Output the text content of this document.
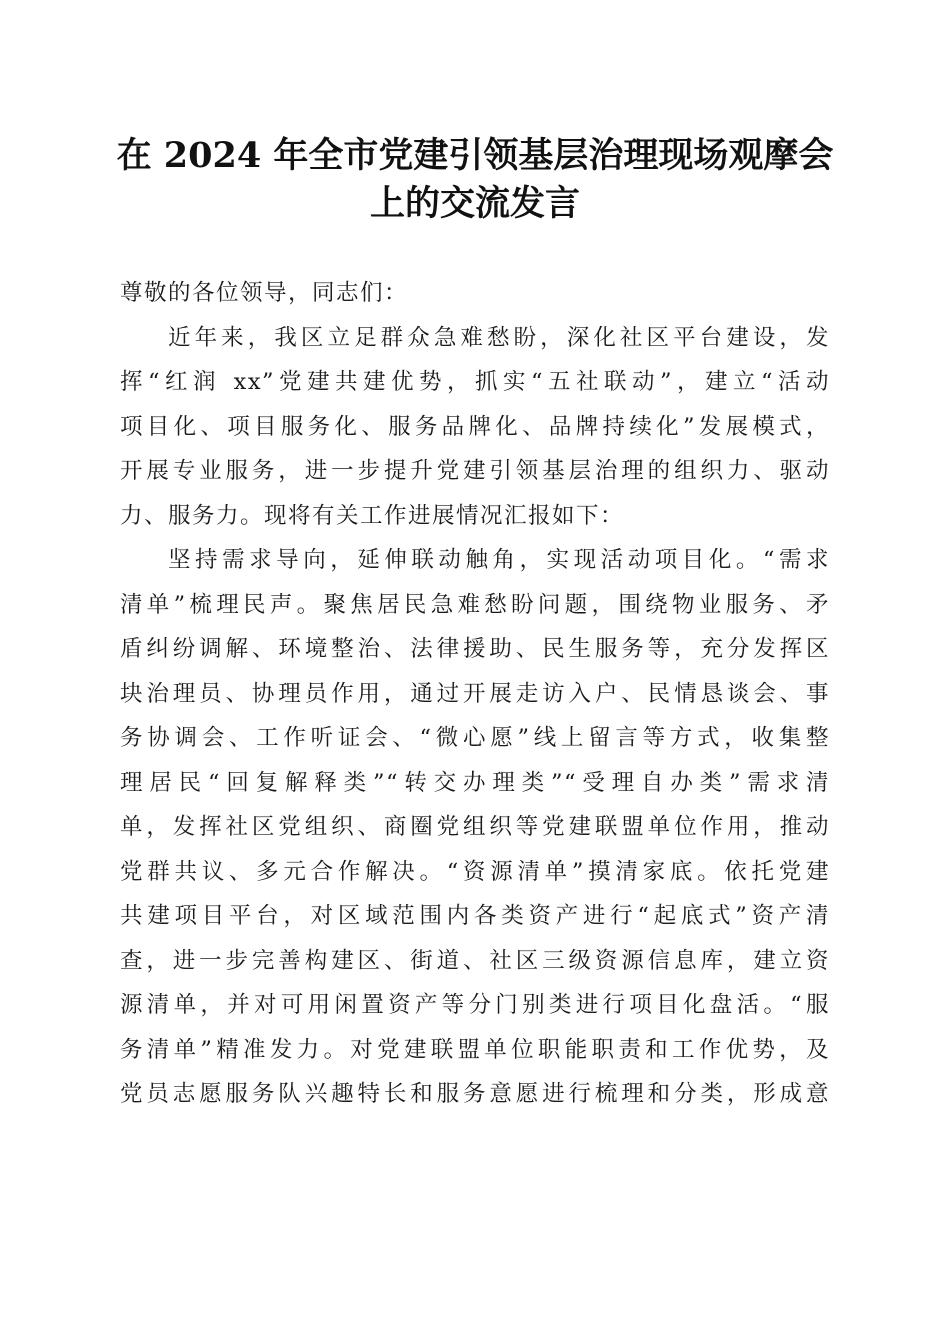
在 2024 年全市党建引领基层治理现场观摩会
上的交流发言
尊敬的各位领导，同志们：
近年来，我区立足群众急难愁盼，深化社区平台建设，发
挥“红润 xx”党建共建优势，抓实“五社联动”，建立“活动
项目化、项目服务化、服务品牌化、品牌持续化”发展模式，
开展专业服务，进一步提升党建引领基层治理的组织力、驱动
力、服务力。现将有关工作进展情况汇报如下：
坚持需求导向，延伸联动触角，实现活动项目化。“需求
清单”梳理民声。聚焦居民急难愁盼问题，围绕物业服务、矛
盾纠纷调解、环境整治、法律援助、民生服务等，充分发挥区
块治理员、协理员作用，通过开展走访入户、民情恳谈会、事
务协调会、工作听证会、“微心愿”线上留言等方式，收集整
理居民“回复解释类”“转交办理类”“受理自办类”需求清
单，发挥社区党组织、商圈党组织等党建联盟单位作用，推动
党群共议、多元合作解决。“资源清单”摸清家底。依托党建
共建项目平台，对区域范围内各类资产进行“起底式”资产清
查，进一步完善构建区、街道、社区三级资源信息库，建立资
源清单，并对可用闲置资产等分门别类进行项目化盘活。“服
务清单”精准发力。对党建联盟单位职能职责和工作优势，及
党员志愿服务队兴趣特长和服务意愿进行梳理和分类，形成意
